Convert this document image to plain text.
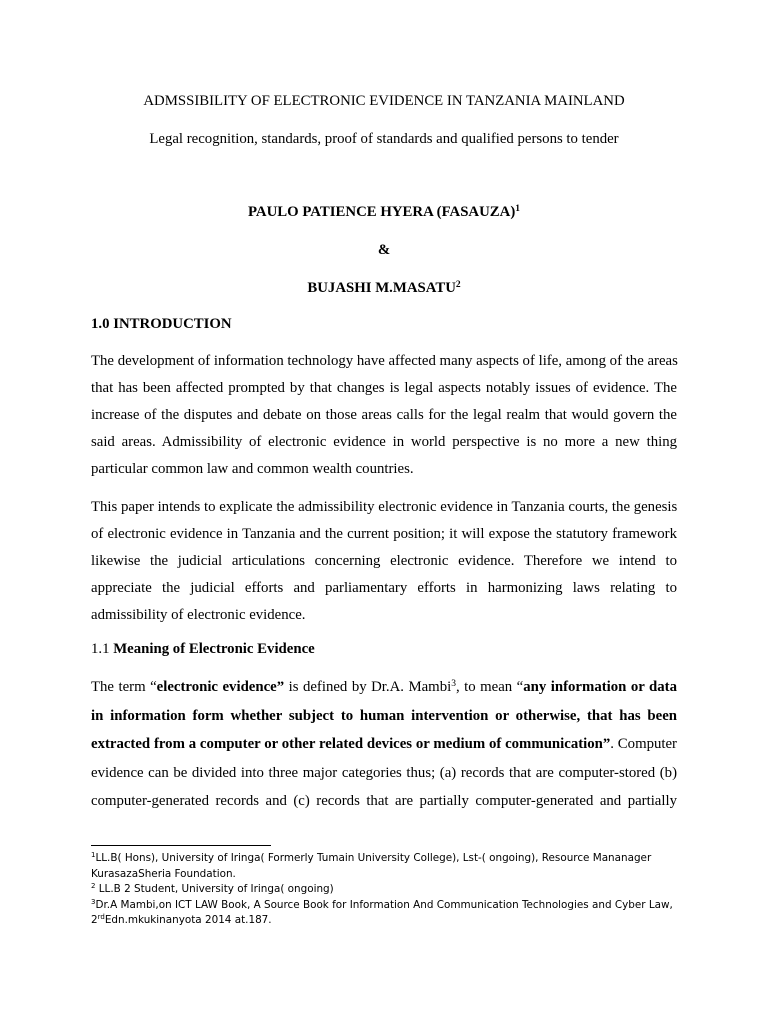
ADMSSIBILITY OF ELECTRONIC EVIDENCE IN TANZANIA MAINLAND
Legal recognition, standards, proof of standards and qualified persons to tender
PAULO PATIENCE HYERA (FASAUZA)$^1$
&
BUJASHI M.MASATU$^2$
1.0 INTRODUCTION
The development of information technology have affected many aspects of life, among of the areas
that has been affected prompted by that changes is legal aspects notably issues of evidence. The
increase of the disputes and debate on those areas calls for the legal realm that would govern the
said areas. Admissibility of electronic evidence in world perspective is no more a new thing
particular common law and common wealth countries.
This paper intends to explicate the admissibility electronic evidence in Tanzania courts, the genesis
of electronic evidence in Tanzania and the current position; it will expose the statutory framework
likewise the judicial articulations concerning electronic evidence. Therefore we intend to
appreciate the judicial efforts and parliamentary efforts in harmonizing laws relating to
admissibility of electronic evidence.
1.1 Meaning of Electronic Evidence
The term “electronic evidence” is defined by Dr.A. Mambi$^3$, to mean “any information or data
in information form whether subject to human intervention or otherwise, that has been
extracted from a computer or other related devices or medium of communication”. Computer
evidence can be divided into three major categories thus; (a) records that are computer-stored (b)
computer-generated records and (c) records that are partially computer-generated and partially
$^1$LL.B( Hons), University of Iringa( Formerly Tumain University College), Lst-( ongoing), Resource Mananager
KurasazaSheria Foundation.
$^2$ LL.B 2 Student, University of Iringa( ongoing)
$^3$Dr.A Mambi,on ICT LAW Book, A Source Book for Information And Communication Technologies and Cyber Law,
2rdEdn.mkukinanyota 2014 at.187.
